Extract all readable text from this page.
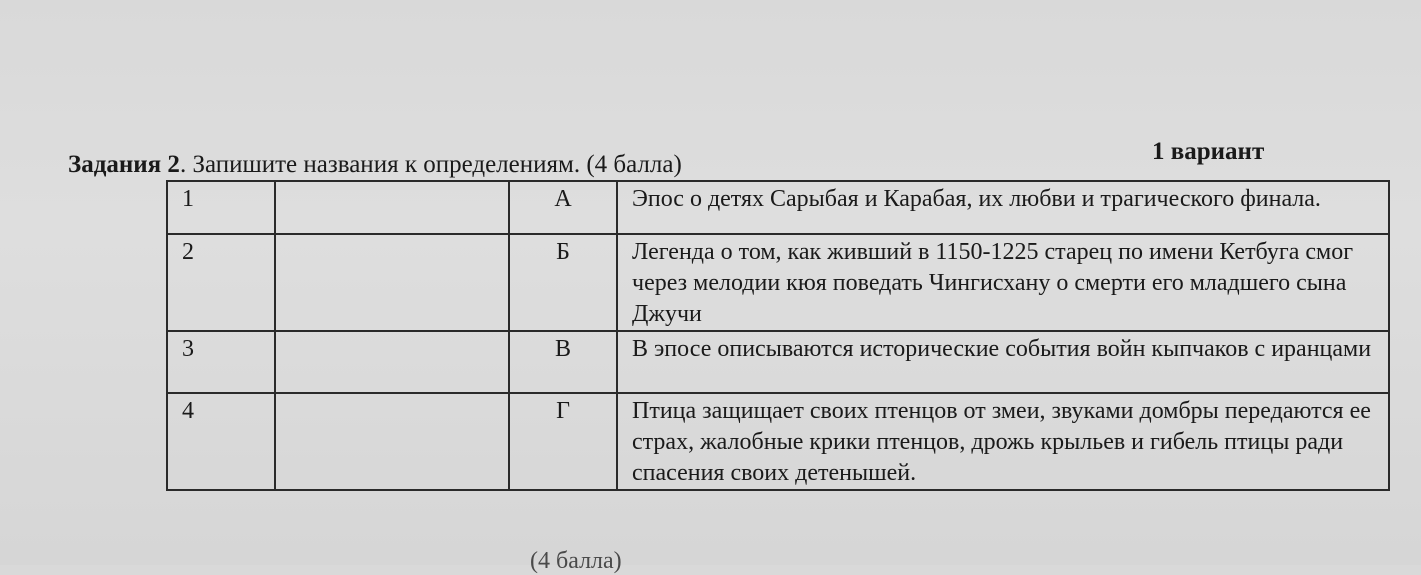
Задания 2. Запишите названия к определениям. (4 балла)	1 вариант
1		А	Эпос о детях Сарыбая и Карабая, их любви и трагического финала.
2		Б	Легенда о том, как живший в 1150-1225 старец по имени Кетбуга смог через мелодии кюя поведать Чингисхану о смерти его младшего сына Джучи
3		В	В эпосе описываются исторические события войн кыпчаков с иранцами
4		Г	Птица защищает своих птенцов от змеи, звуками домбры передаются ее страх, жалобные крики птенцов, дрожь крыльев и гибель птицы ради спасения своих детенышей.
(4 балла)
